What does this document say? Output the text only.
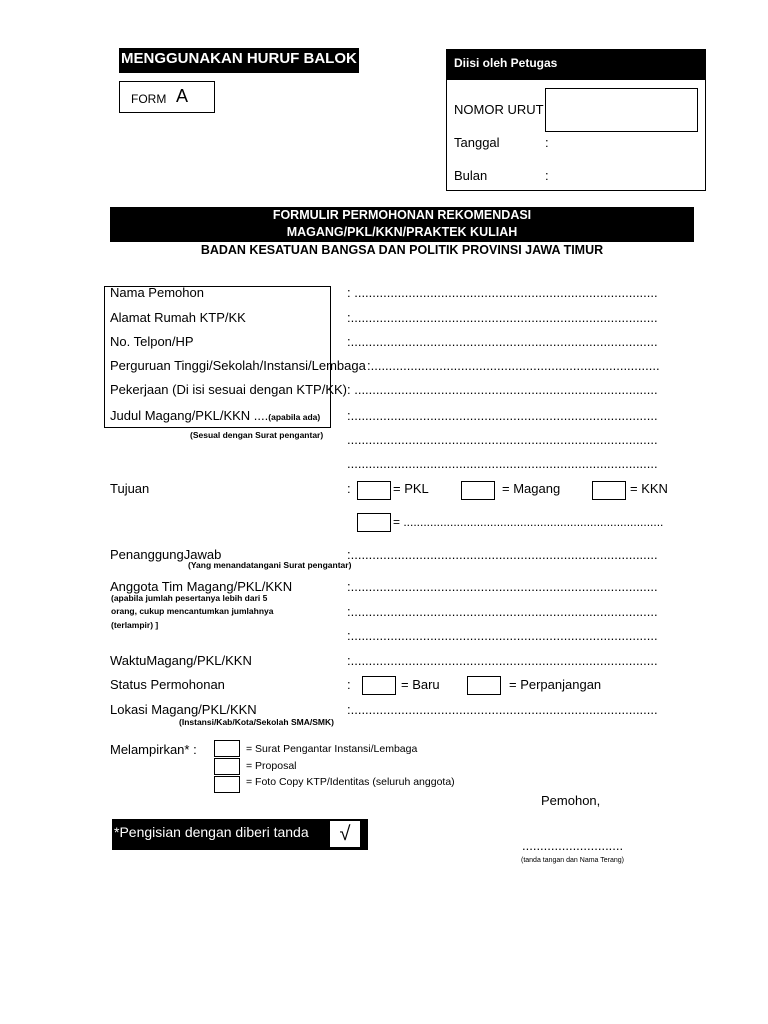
MENGGUNAKAN HURUF BALOK
FORM A
Diisi oleh Petugas
NOMOR URUT
Tanggal	:
Bulan	:
FORMULIR PERMOHONAN REKOMENDASI
MAGANG/PKL/KKN/PRAKTEK KULIAH
BADAN KESATUAN BANGSA DAN POLITIK PROVINSI JAWA TIMUR
Nama Pemohon	: ....................................................................................
Alamat Rumah KTP/KK	:.....................................................................................
No. Telpon/HP	:.....................................................................................
Perguruan Tinggi/Sekolah/Instansi/Lembaga :................................................................................
Pekerjaan (Di isi sesuai dengan KTP/KK) : ....................................................................................
Judul Magang/PKL/KKN ....(apabila ada) :.....................................................................................
(Sesual dengan Surat pengantar) ......................................................................................
......................................................................................
Tujuan	:	= PKL	= Magang	= KKN
= ..............................................................................
PenanggungJawab	:.....................................................................................
(Yang menandatangani Surat pengantar)
Anggota Tim Magang/PKL/KKN	:.....................................................................................
(apabila jumlah pesertanya lebih dari 5
orang, cukup mencantumkan jumlahnya	:.....................................................................................
(terlampir) ]
:.....................................................................................
WaktuMagang/PKL/KKN	:.....................................................................................
Status Permohonan	:	= Baru	= Perpanjangan
Lokasi Magang/PKL/KKN	:.....................................................................................
(Instansi/Kab/Kota/Sekolah SMA/SMK)
Melampirkan* :	= Surat Pengantar Instansi/Lembaga
= Proposal
= Foto Copy KTP/Identitas (seluruh anggota)
Pemohon,
*Pengisian dengan diberi tanda	√
............................
(tanda tangan dan Nama Terang)
